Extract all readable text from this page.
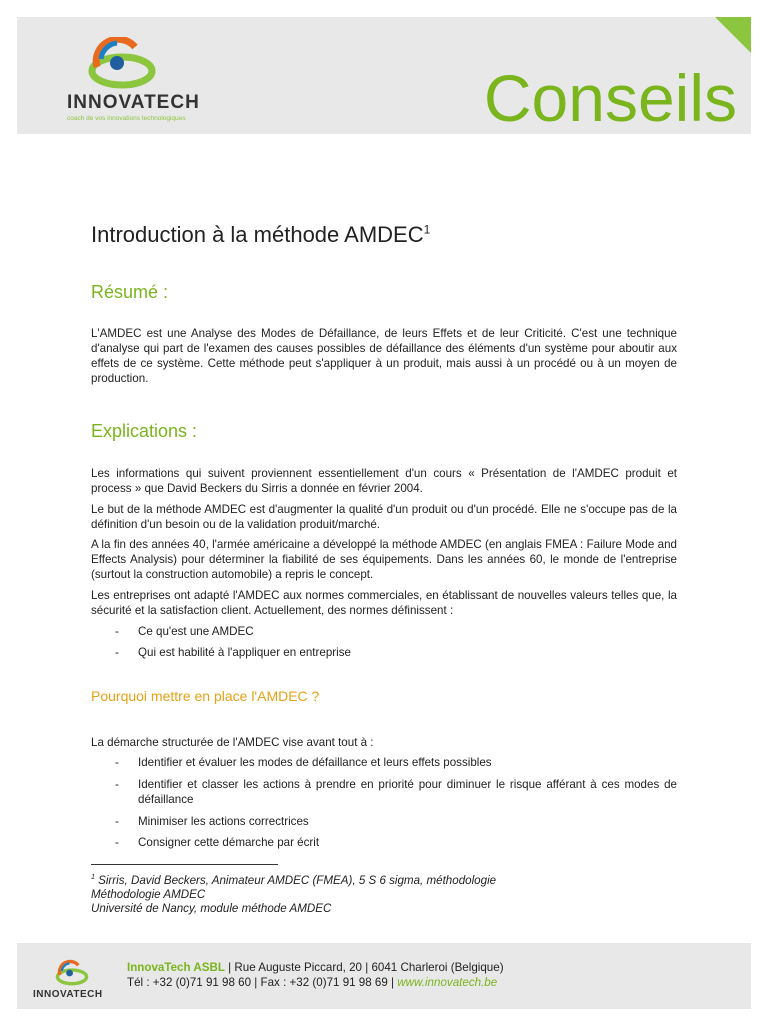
INNOVATECH
coach de vos innovations technologiques	Conseils
Introduction à la méthode AMDEC$^1$
Résumé :
L'AMDEC est une Analyse des Modes de Défaillance, de leurs Effets et de leur Criticité. C'est une technique d'analyse qui part de l'examen des causes possibles de défaillance des éléments d'un système pour aboutir aux effets de ce système. Cette méthode peut s'appliquer à un produit, mais aussi à un procédé ou à un moyen de production.
Explications :
Les informations qui suivent proviennent essentiellement d'un cours « Présentation de l'AMDEC produit et process » que David Beckers du Sirris a donnée en février 2004.
Le but de la méthode AMDEC est d'augmenter la qualité d'un produit ou d'un procédé. Elle ne s'occupe pas de la définition d'un besoin ou de la validation produit/marché.
A la fin des années 40, l'armée américaine a développé la méthode AMDEC (en anglais FMEA : Failure Mode and Effects Analysis) pour déterminer la fiabilité de ses équipements. Dans les années 60, le monde de l'entreprise (surtout la construction automobile) a repris le concept.
Les entreprises ont adapté l'AMDEC aux normes commerciales, en établissant de nouvelles valeurs telles que, la sécurité et la satisfaction client. Actuellement, des normes définissent :
- Ce qu'est une AMDEC
- Qui est habilité à l'appliquer en entreprise
Pourquoi mettre en place l'AMDEC ?
La démarche structurée de l'AMDEC vise avant tout à :
- Identifier et évaluer les modes de défaillance et leurs effets possibles
- Identifier et classer les actions à prendre en priorité pour diminuer le risque afférant à ces modes de défaillance
- Minimiser les actions correctrices
- Consigner cette démarche par écrit
$^1$ Sirris, David Beckers, Animateur AMDEC (FMEA), 5 S 6 sigma, méthodologie
Méthodologie AMDEC
Université de Nancy, module méthode AMDEC
INNOVATECH
InnovaTech ASBL | Rue Auguste Piccard, 20 | 6041 Charleroi (Belgique)
Tél : +32 (0)71 91 98 60 | Fax : +32 (0)71 91 98 69 | www.innovatech.be
